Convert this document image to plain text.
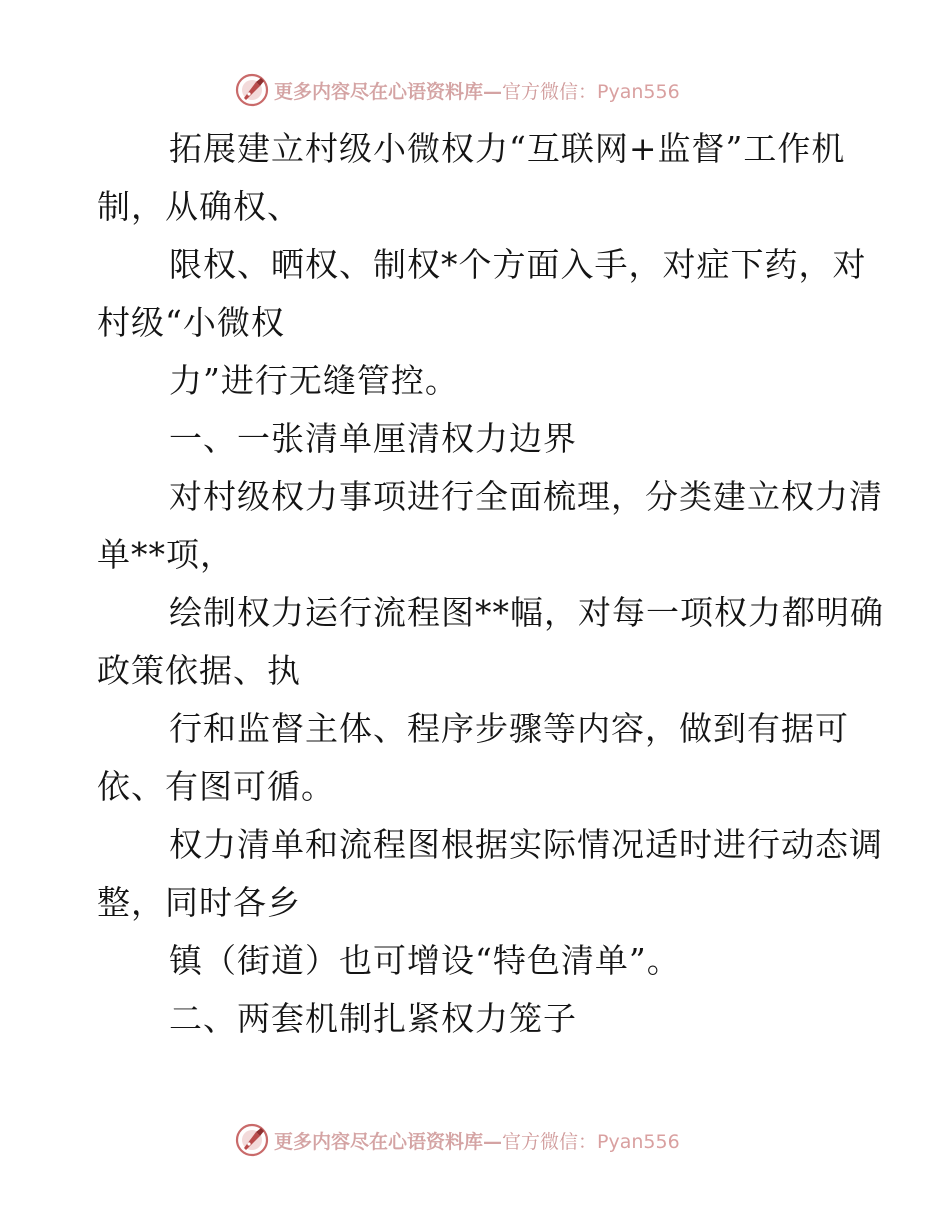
更多内容尽在心语资料库—官方微信：Pyan556
　拓展建立村级小微权力“互联网+监督”工作机
制，从确权、
　限权、晒权、制权*个方面入手，对症下药，对
村级“小微权
　力”进行无缝管控。
　一、一张清单厘清权力边界
　对村级权力事项进行全面梳理，分类建立权力清
单**项，
　绘制权力运行流程图**幅，对每一项权力都明确
政策依据、执
　行和监督主体、程序步骤等内容，做到有据可
依、有图可循。
　权力清单和流程图根据实际情况适时进行动态调
整，同时各乡
　镇（街道）也可增设“特色清单”。
　二、两套机制扎紧权力笼子
更多内容尽在心语资料库—官方微信：Pyan556
